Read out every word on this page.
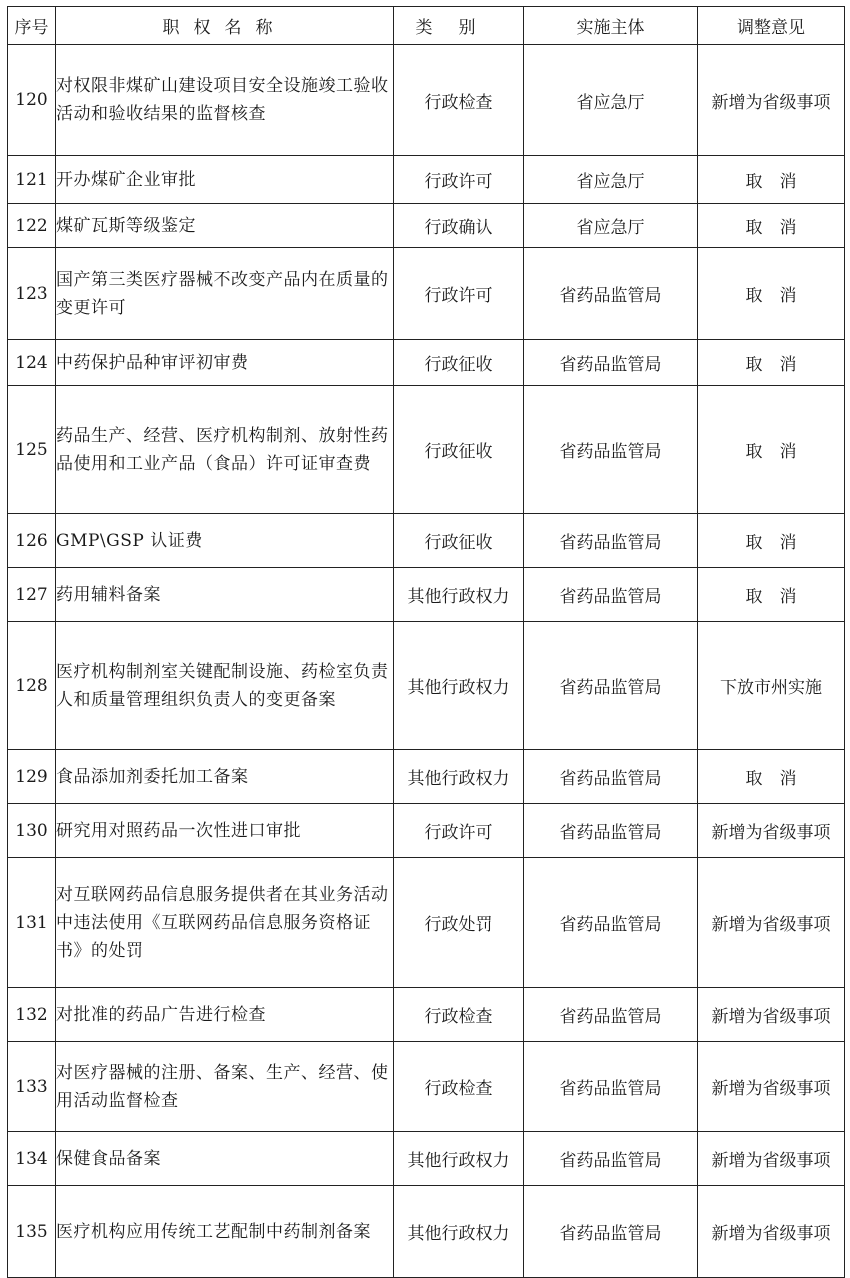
序号	职权名称	类别	实施主体	调整意见
120	对权限非煤矿山建设项目安全设施竣工验收活动和验收结果的监督核查	行政检查	省应急厅	新增为省级事项
121	开办煤矿企业审批	行政许可	省应急厅	取　消
122	煤矿瓦斯等级鉴定	行政确认	省应急厅	取　消
123	国产第三类医疗器械不改变产品内在质量的变更许可	行政许可	省药品监管局	取　消
124	中药保护品种审评初审费	行政征收	省药品监管局	取　消
125	药品生产、经营、医疗机构制剂、放射性药品使用和工业产品（食品）许可证审查费	行政征收	省药品监管局	取　消
126	GMP\GSP 认证费	行政征收	省药品监管局	取　消
127	药用辅料备案	其他行政权力	省药品监管局	取　消
128	医疗机构制剂室关键配制设施、药检室负责人和质量管理组织负责人的变更备案	其他行政权力	省药品监管局	下放市州实施
129	食品添加剂委托加工备案	其他行政权力	省药品监管局	取　消
130	研究用对照药品一次性进口审批	行政许可	省药品监管局	新增为省级事项
131	对互联网药品信息服务提供者在其业务活动中违法使用《互联网药品信息服务资格证书》的处罚	行政处罚	省药品监管局	新增为省级事项
132	对批准的药品广告进行检查	行政检查	省药品监管局	新增为省级事项
133	对医疗器械的注册、备案、生产、经营、使用活动监督检查	行政检查	省药品监管局	新增为省级事项
134	保健食品备案	其他行政权力	省药品监管局	新增为省级事项
135	医疗机构应用传统工艺配制中药制剂备案	其他行政权力	省药品监管局	新增为省级事项
